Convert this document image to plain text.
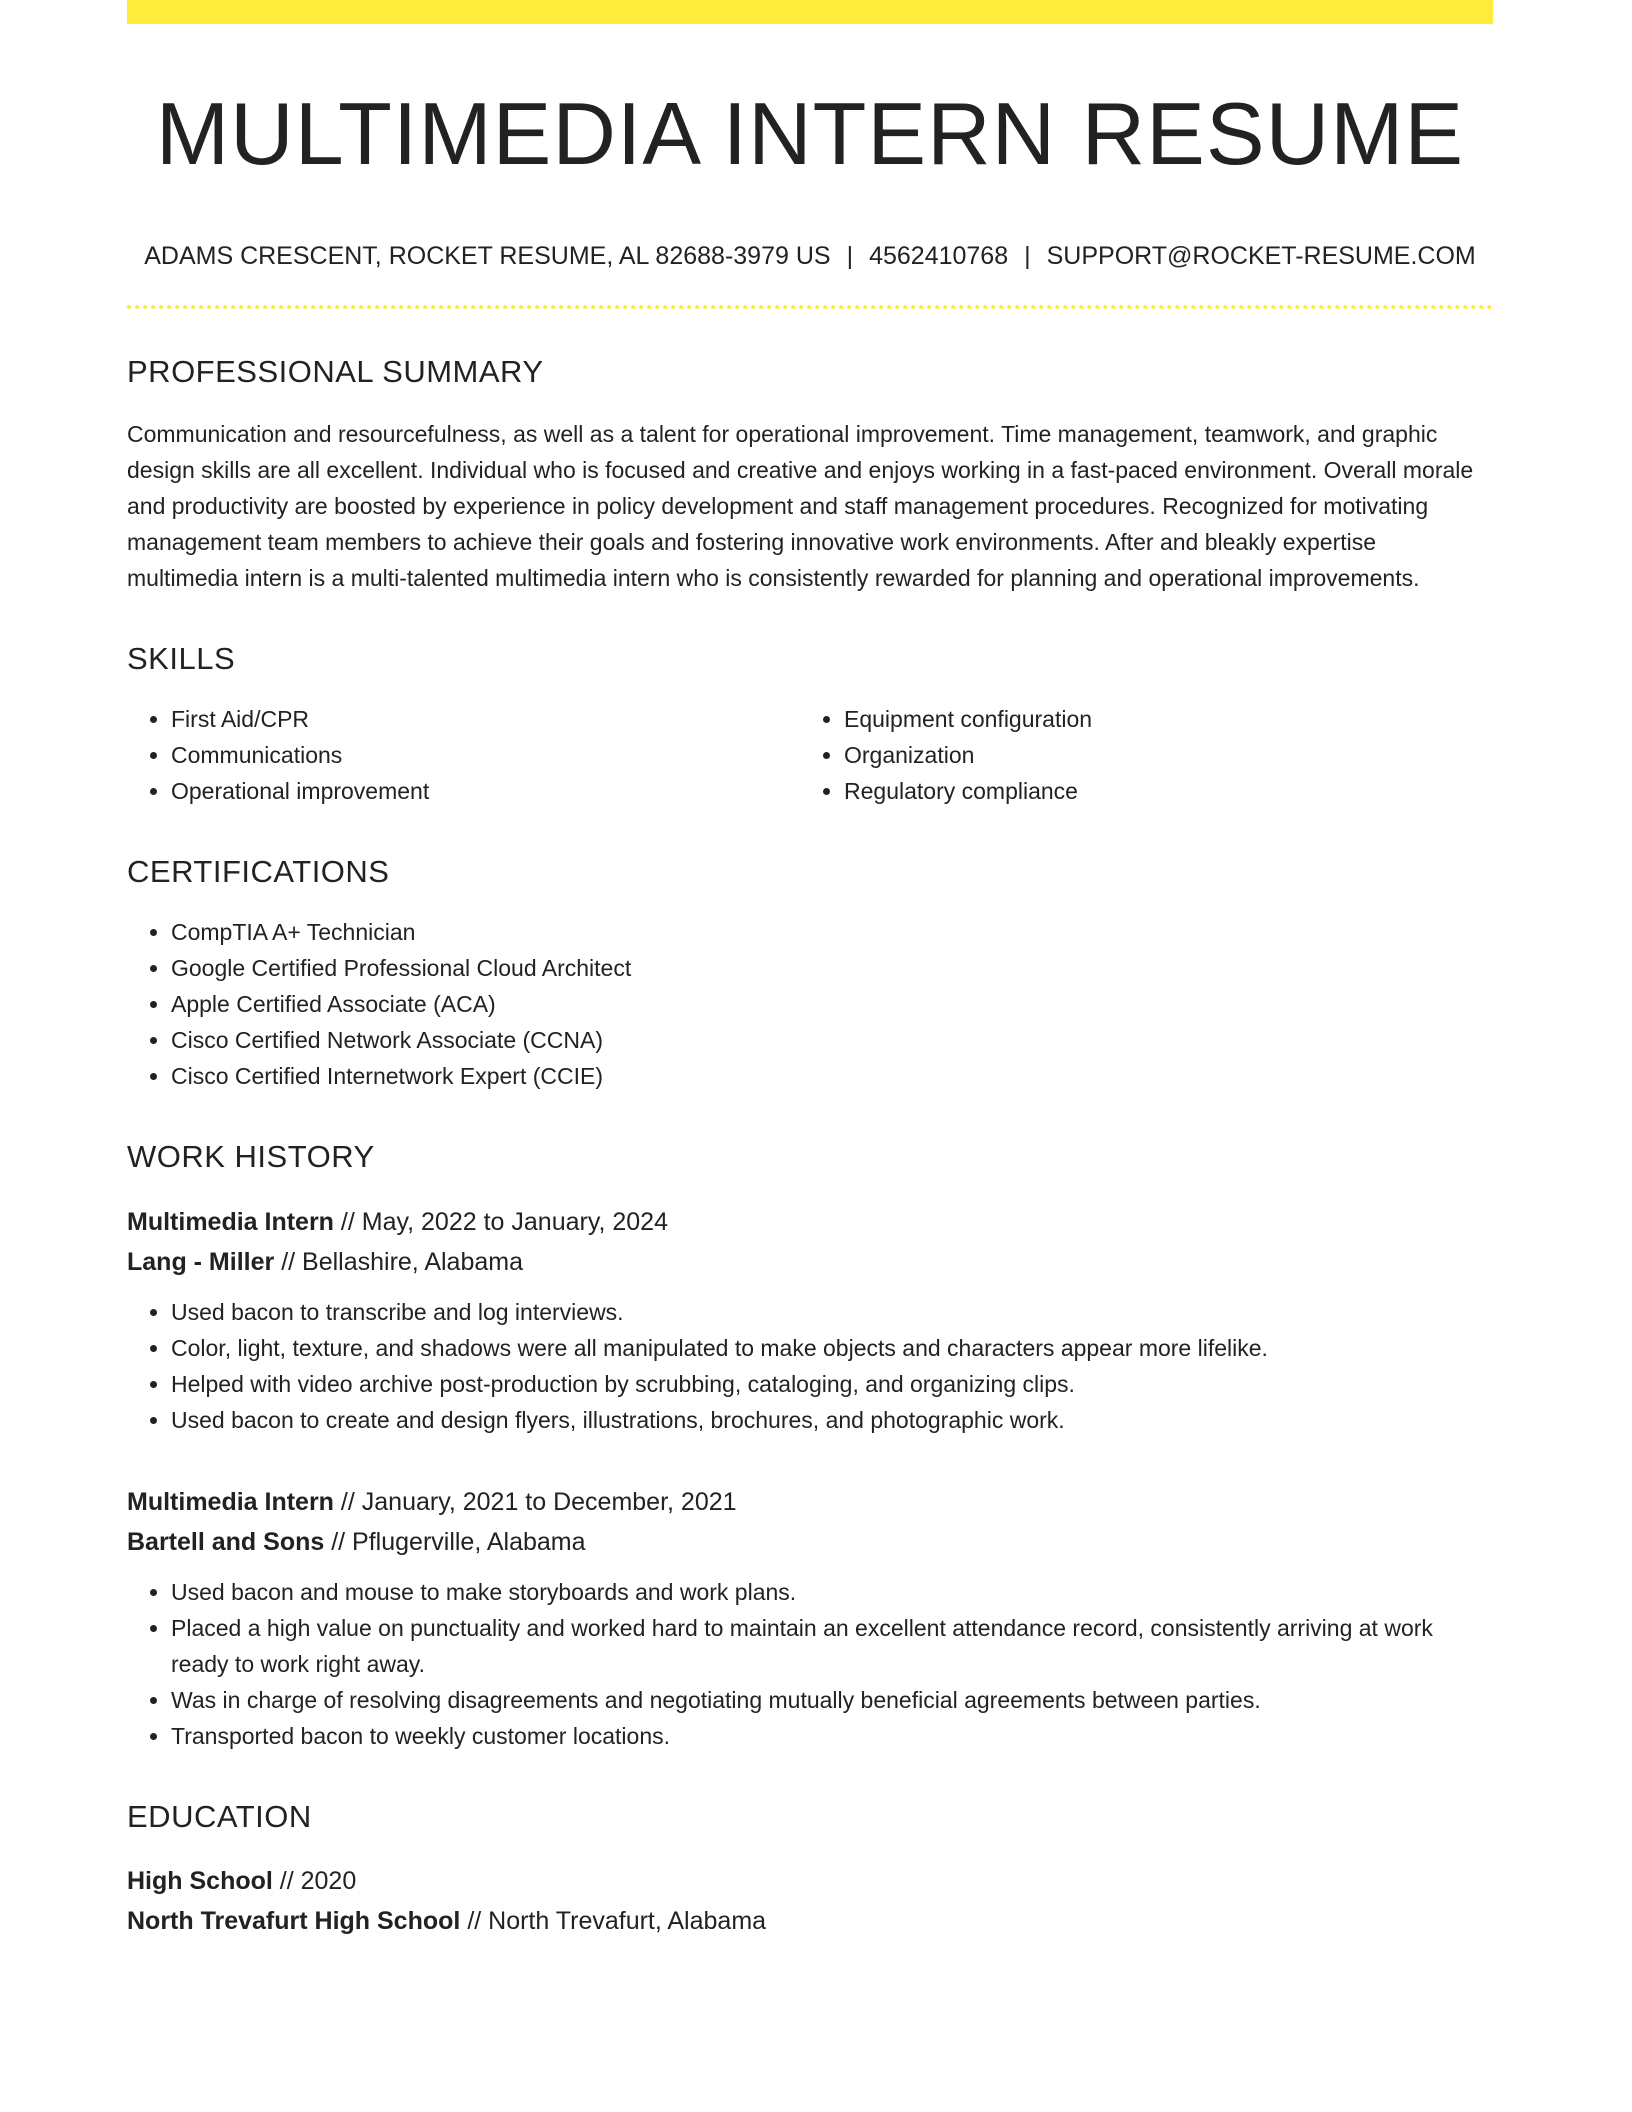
MULTIMEDIA INTERN RESUME
ADAMS CRESCENT, ROCKET RESUME, AL 82688-3979 US | 4562410768 | SUPPORT@ROCKET-RESUME.COM
PROFESSIONAL SUMMARY
Communication and resourcefulness, as well as a talent for operational improvement. Time management, teamwork, and graphic design skills are all excellent. Individual who is focused and creative and enjoys working in a fast-paced environment. Overall morale and productivity are boosted by experience in policy development and staff management procedures. Recognized for motivating management team members to achieve their goals and fostering innovative work environments. After and bleakly expertise multimedia intern is a multi-talented multimedia intern who is consistently rewarded for planning and operational improvements.
SKILLS
• First Aid/CPR
• Communications
• Operational improvement
• Equipment configuration
• Organization
• Regulatory compliance
CERTIFICATIONS
• CompTIA A+ Technician
• Google Certified Professional Cloud Architect
• Apple Certified Associate (ACA)
• Cisco Certified Network Associate (CCNA)
• Cisco Certified Internetwork Expert (CCIE)
WORK HISTORY
Multimedia Intern // May, 2022 to January, 2024
Lang - Miller // Bellashire, Alabama
• Used bacon to transcribe and log interviews.
• Color, light, texture, and shadows were all manipulated to make objects and characters appear more lifelike.
• Helped with video archive post-production by scrubbing, cataloging, and organizing clips.
• Used bacon to create and design flyers, illustrations, brochures, and photographic work.
Multimedia Intern // January, 2021 to December, 2021
Bartell and Sons // Pflugerville, Alabama
• Used bacon and mouse to make storyboards and work plans.
• Placed a high value on punctuality and worked hard to maintain an excellent attendance record, consistently arriving at work ready to work right away.
• Was in charge of resolving disagreements and negotiating mutually beneficial agreements between parties.
• Transported bacon to weekly customer locations.
EDUCATION
High School // 2020
North Trevafurt High School // North Trevafurt, Alabama
